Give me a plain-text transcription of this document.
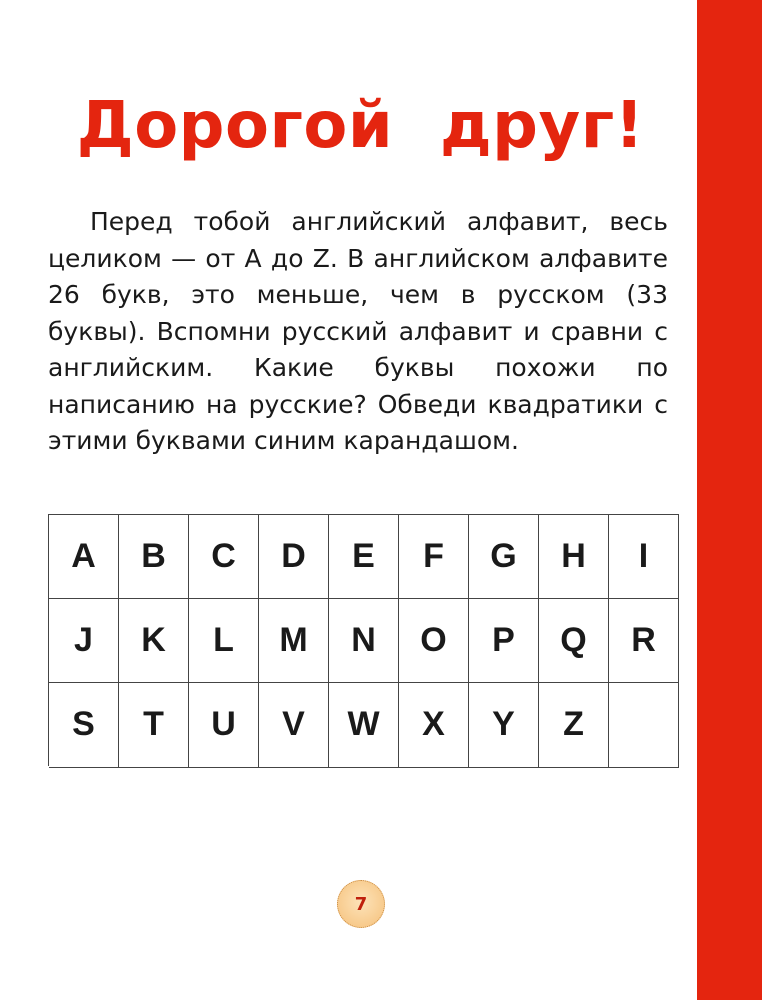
Дорогой друг!

Перед тобой английский алфавит, весь целиком — от A до Z. В английском алфавите 26 букв, это меньше, чем в русском (33 буквы). Вспомни русский алфавит и сравни с английским. Какие буквы похожи по написанию на русские? Обведи квадратики с этими буквами синим карандашом.

A B C D E F G H I
J K L M N O P Q R
S T U V W X Y Z
7
